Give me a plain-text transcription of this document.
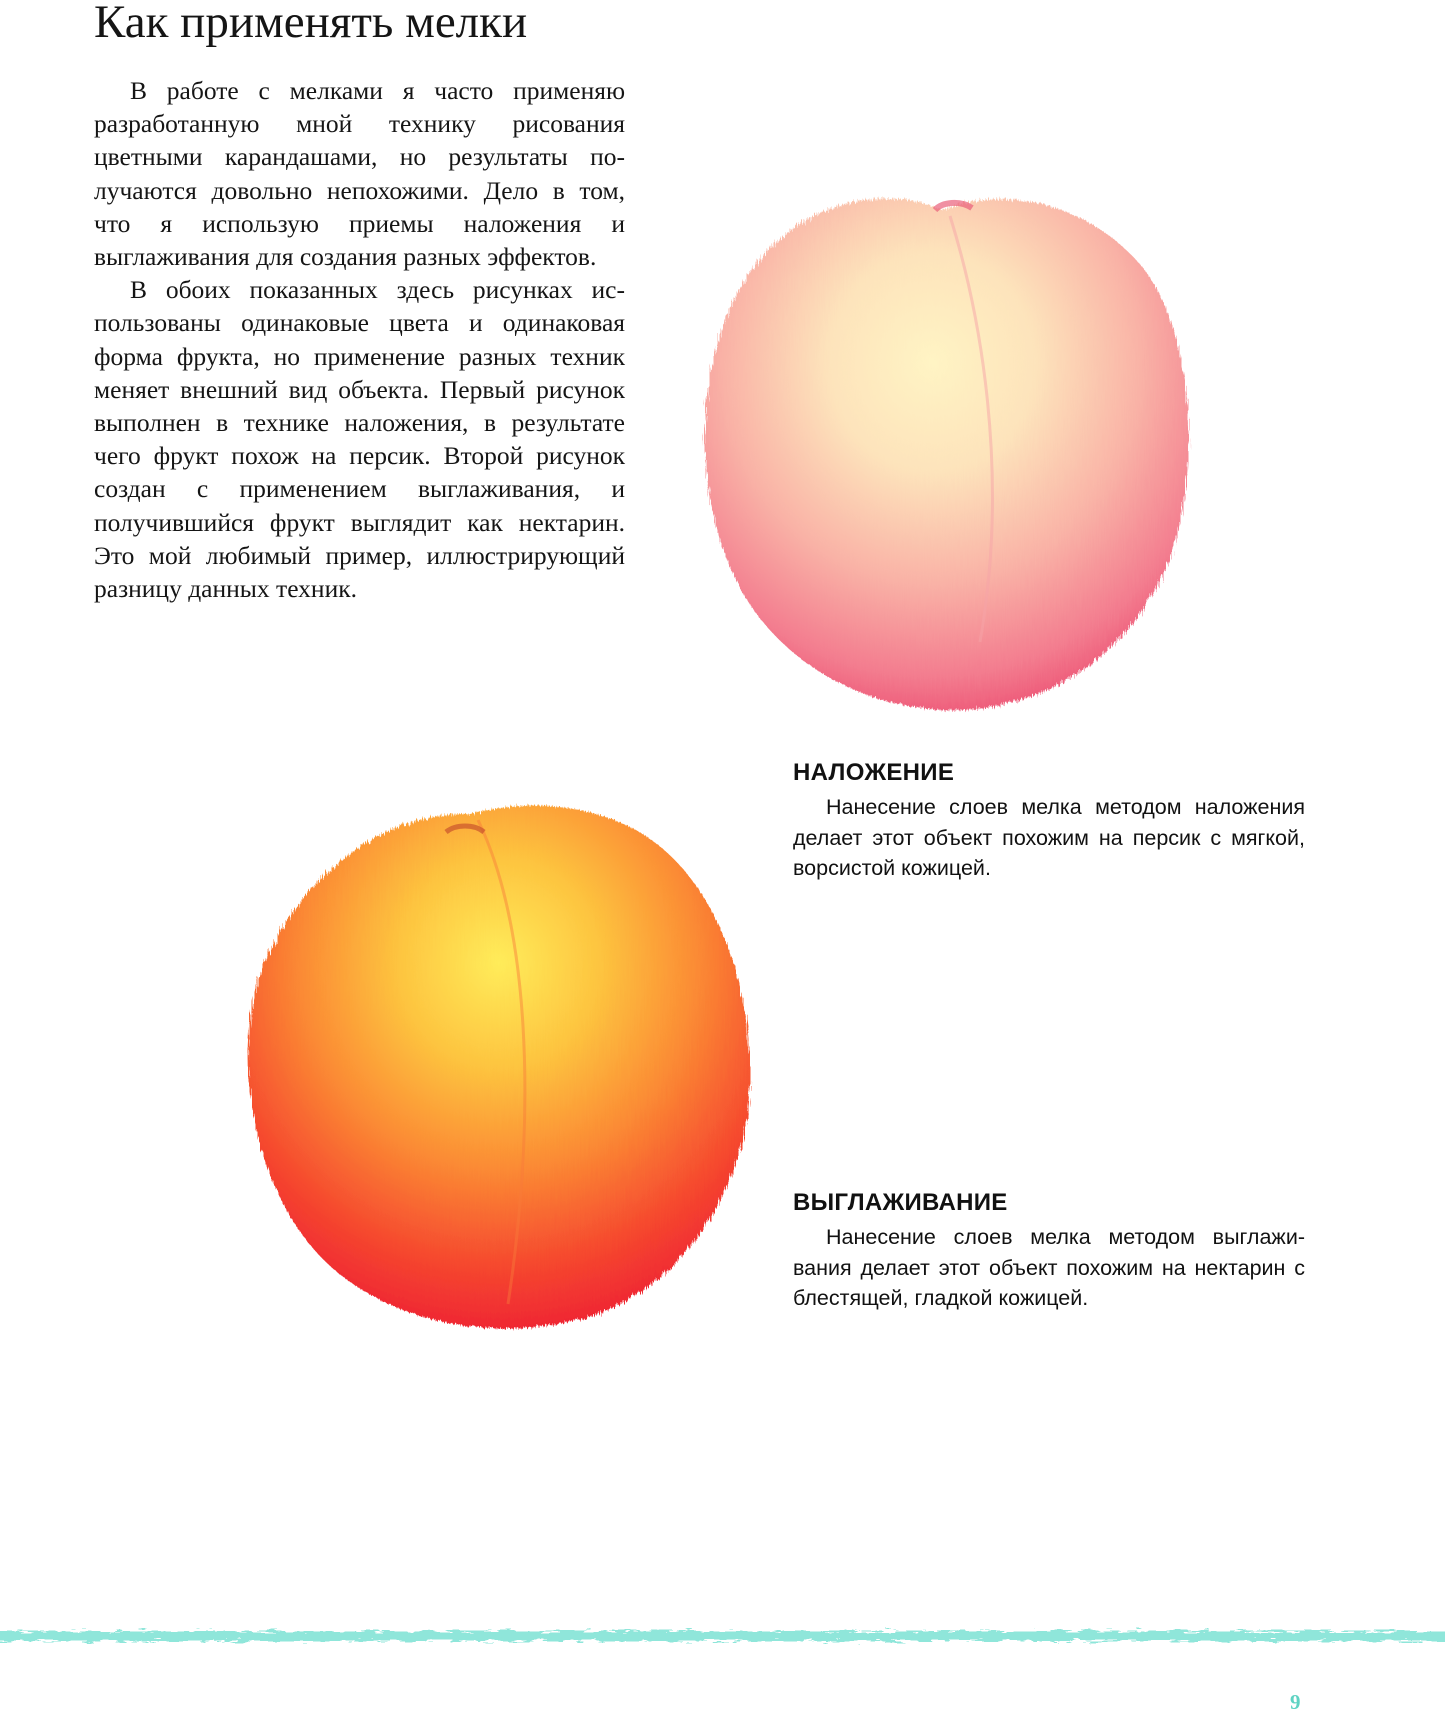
Как применять мелки

В работе с мелками я часто применяю разработанную мной технику рисования цветными карандашами, но результаты получаются довольно непохожими. Дело в том, что я использую приемы наложения и выглаживания для создания разных эффектов.

В обоих показанных здесь рисунках использованы одинаковые цвета и одинаковая форма фрукта, но применение разных техник меняет внешний вид объекта. Первый рисунок выполнен в технике наложения, в результате чего фрукт похож на персик. Второй рисунок создан с применением выглаживания, и получившийся фрукт выглядит как нектарин. Это мой любимый пример, иллюстрирующий разницу данных техник.

НАЛОЖЕНИЕ

Нанесение слоев мелка методом наложения делает этот объект похожим на персик с мягкой, ворсистой кожицей.

ВЫГЛАЖИВАНИЕ

Нанесение слоев мелка методом выглаживания делает этот объект похожим на нектарин с блестящей, гладкой кожицей.

9
